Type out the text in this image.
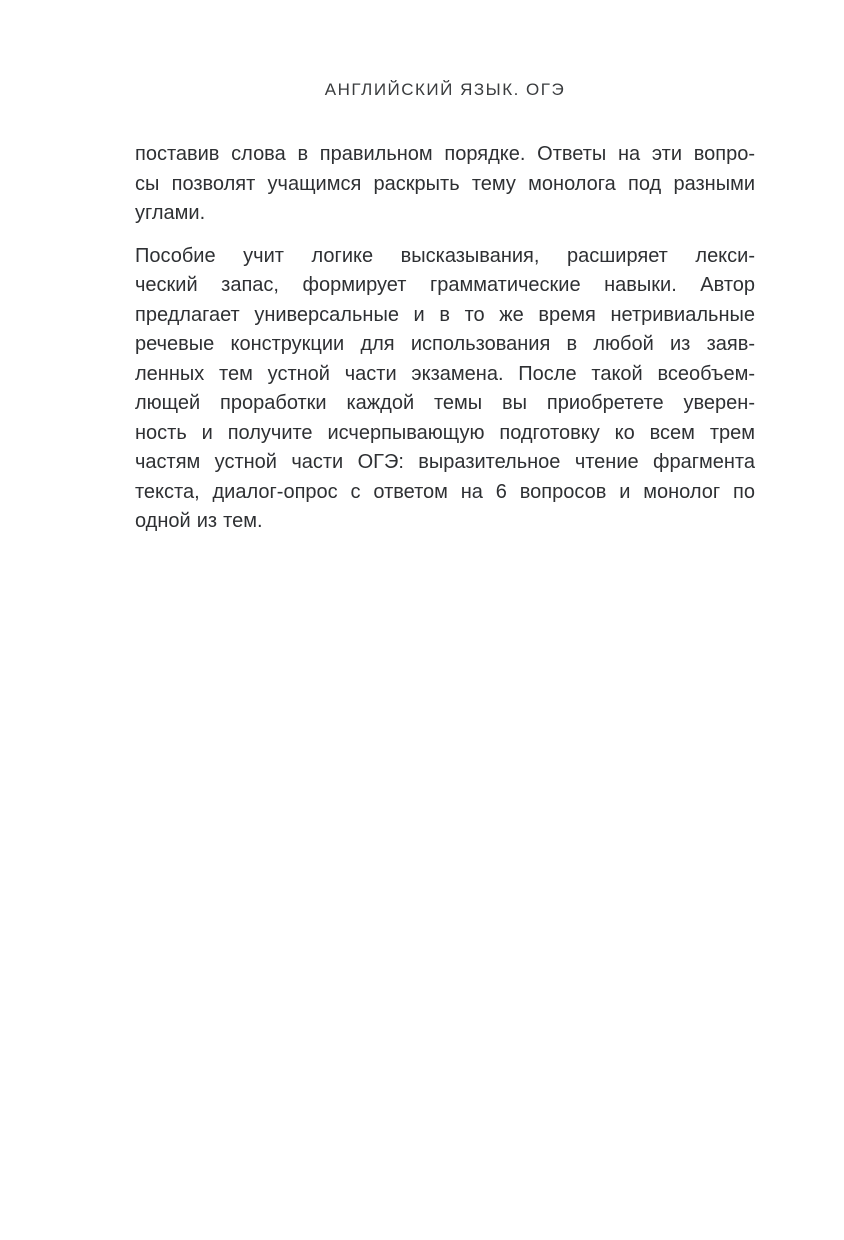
АНГЛИЙСКИЙ ЯЗЫК. ОГЭ
поставив слова в правильном порядке. Ответы на эти вопро-
сы позволят учащимся раскрыть тему монолога под разными
углами.
Пособие учит логике высказывания, расширяет лекси-
ческий запас, формирует грамматические навыки. Автор
предлагает универсальные и в то же время нетривиальные
речевые конструкции для использования в любой из заяв-
ленных тем устной части экзамена. После такой всеобъем-
лющей проработки каждой темы вы приобретете уверен-
ность и получите исчерпывающую подготовку ко всем трем
частям устной части ОГЭ: выразительное чтение фрагмента
текста, диалог-опрос с ответом на 6 вопросов и монолог по
одной из тем.
